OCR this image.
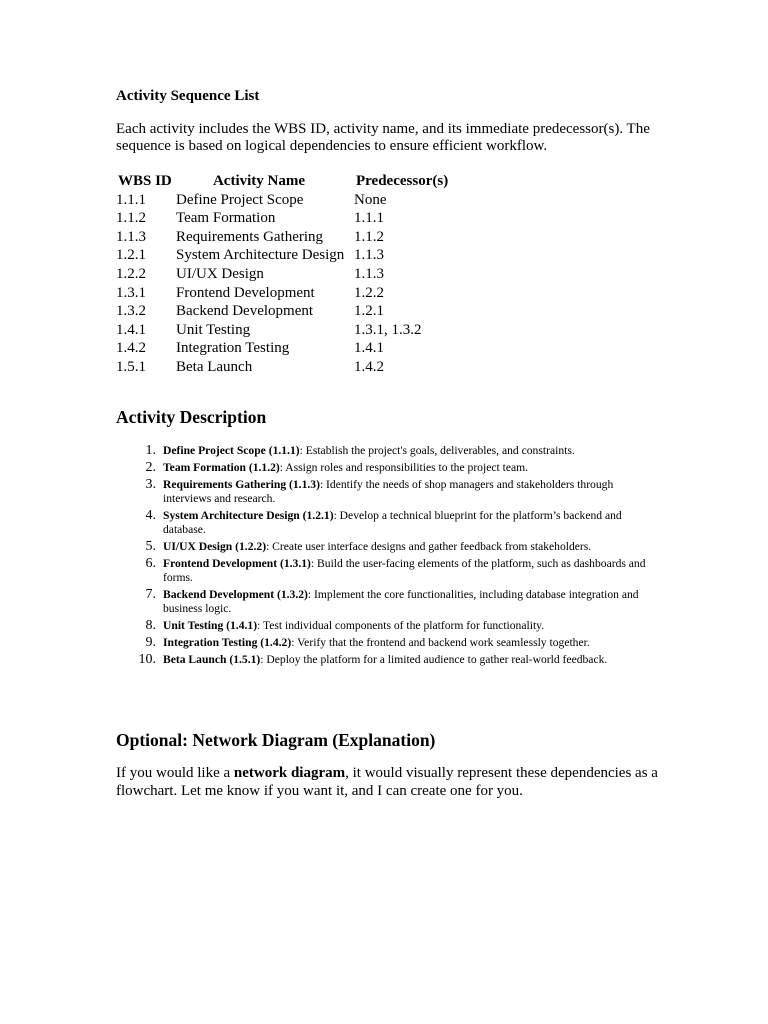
Activity Sequence List

Each activity includes the WBS ID, activity name, and its immediate predecessor(s). The sequence is based on logical dependencies to ensure efficient workflow.

WBS ID	Activity Name	Predecessor(s)
1.1.1	Define Project Scope	None
1.1.2	Team Formation	1.1.1
1.1.3	Requirements Gathering	1.1.2
1.2.1	System Architecture Design	1.1.3
1.2.2	UI/UX Design	1.1.3
1.3.1	Frontend Development	1.2.2
1.3.2	Backend Development	1.2.1
1.4.1	Unit Testing	1.3.1, 1.3.2
1.4.2	Integration Testing	1.4.1
1.5.1	Beta Launch	1.4.2
Activity Description
1. Define Project Scope (1.1.1): Establish the project's goals, deliverables, and constraints.
2. Team Formation (1.1.2): Assign roles and responsibilities to the project team.
3. Requirements Gathering (1.1.3): Identify the needs of shop managers and stakeholders through interviews and research.
4. System Architecture Design (1.2.1): Develop a technical blueprint for the platform’s backend and database.
5. UI/UX Design (1.2.2): Create user interface designs and gather feedback from stakeholders.
6. Frontend Development (1.3.1): Build the user-facing elements of the platform, such as dashboards and forms.
7. Backend Development (1.3.2): Implement the core functionalities, including database integration and business logic.
8. Unit Testing (1.4.1): Test individual components of the platform for functionality.
9. Integration Testing (1.4.2): Verify that the frontend and backend work seamlessly together.
10. Beta Launch (1.5.1): Deploy the platform for a limited audience to gather real-world feedback.
Optional: Network Diagram (Explanation)

If you would like a network diagram, it would visually represent these dependencies as a flowchart. Let me know if you want it, and I can create one for you.
